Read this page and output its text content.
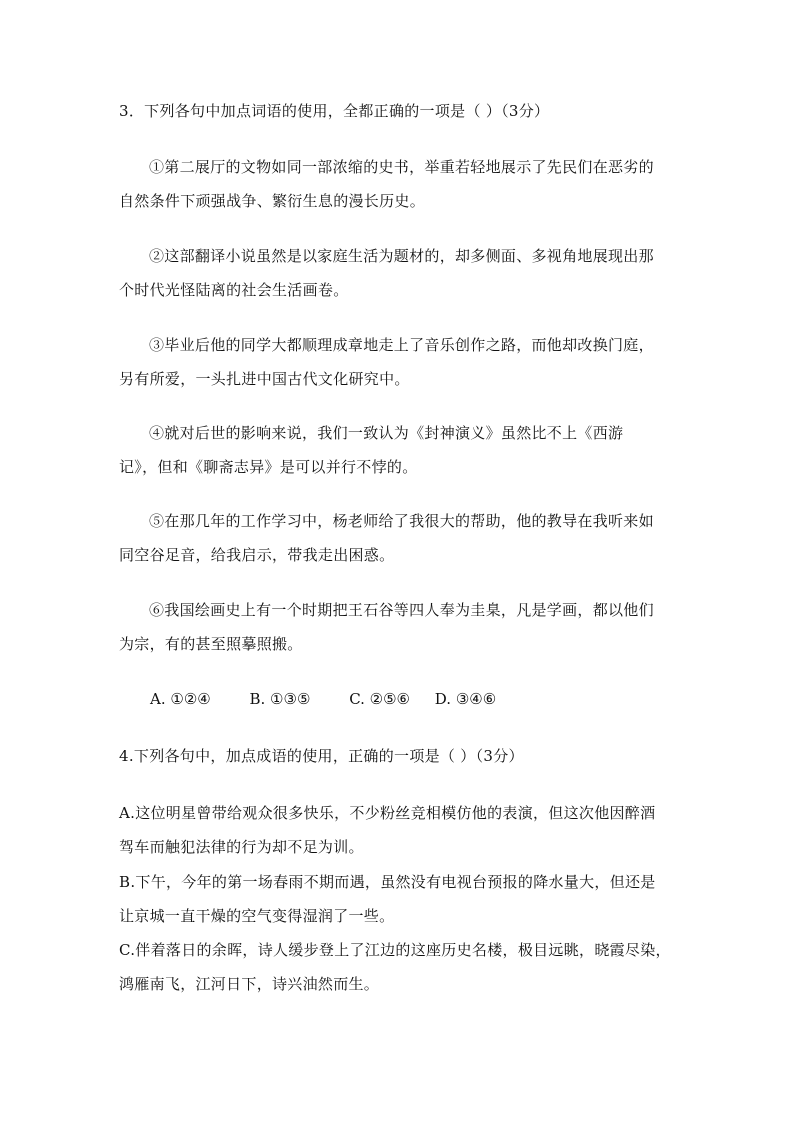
3．下列各句中加点词语的使用，全都正确的一项是（ ）（3分）
①第二展厅的文物如同一部浓缩的史书，举重若轻地展示了先民们在恶劣的
自然条件下顽强战争、繁衍生息的漫长历史。
②这部翻译小说虽然是以家庭生活为题材的，却多侧面、多视角地展现出那
个时代光怪陆离的社会生活画卷。
③毕业后他的同学大都顺理成章地走上了音乐创作之路，而他却改换门庭，
另有所爱，一头扎进中国古代文化研究中。
④就对后世的影响来说，我们一致认为《封神演义》虽然比不上《西游
记》，但和《聊斋志异》是可以并行不悖的。
⑤在那几年的工作学习中，杨老师给了我很大的帮助，他的教导在我听来如
同空谷足音，给我启示，带我走出困惑。
⑥我国绘画史上有一个时期把王石谷等四人奉为圭臬，凡是学画，都以他们
为宗，有的甚至照摹照搬。
A. ①②④	B. ①③⑤	C. ②⑤⑥ D. ③④⑥
4.下列各句中，加点成语的使用，正确的一项是（ ）（3分）
A.这位明星曾带给观众很多快乐，不少粉丝竞相模仿他的表演，但这次他因醉酒
驾车而触犯法律的行为却不足为训。
B.下午，今年的第一场春雨不期而遇，虽然没有电视台预报的降水量大，但还是
让京城一直干燥的空气变得湿润了一些。
C.伴着落日的余晖，诗人缓步登上了江边的这座历史名楼，极目远眺，晓霞尽染，
鸿雁南飞，江河日下，诗兴油然而生。
